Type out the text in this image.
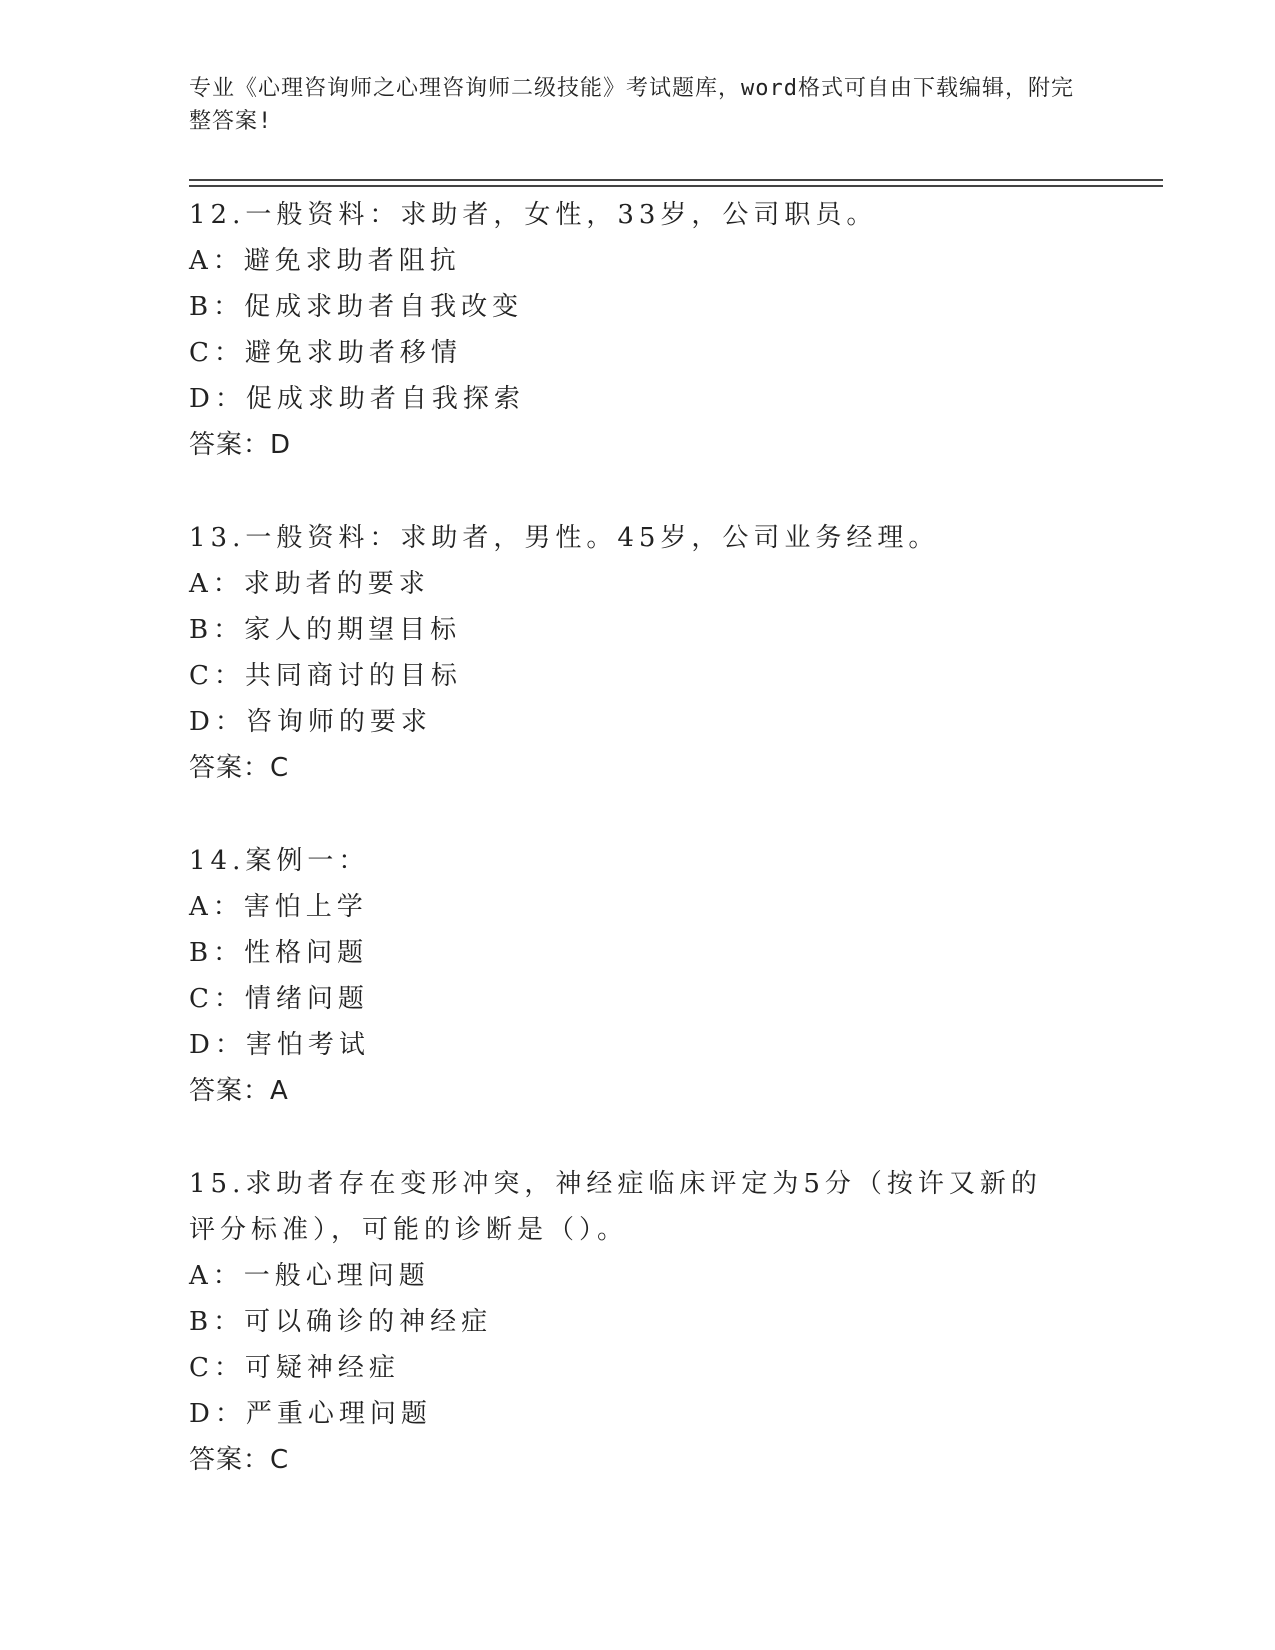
专业《心理咨询师之心理咨询师二级技能》考试题库，word格式可自由下载编辑，附完整答案!
12.一般资料：求助者，女性，33岁，公司职员。
A：避免求助者阻抗
B：促成求助者自我改变
C：避免求助者移情
D：促成求助者自我探索
答案：D
13.一般资料：求助者，男性。45岁，公司业务经理。
A：求助者的要求
B：家人的期望目标
C：共同商讨的目标
D：咨询师的要求
答案：C
14.案例一：
A：害怕上学
B：性格问题
C：情绪问题
D：害怕考试
答案：A
15.求助者存在变形冲突，神经症临床评定为5分（按许又新的评分标准），可能的诊断是（）。
A：一般心理问题
B：可以确诊的神经症
C：可疑神经症
D：严重心理问题
答案：C
